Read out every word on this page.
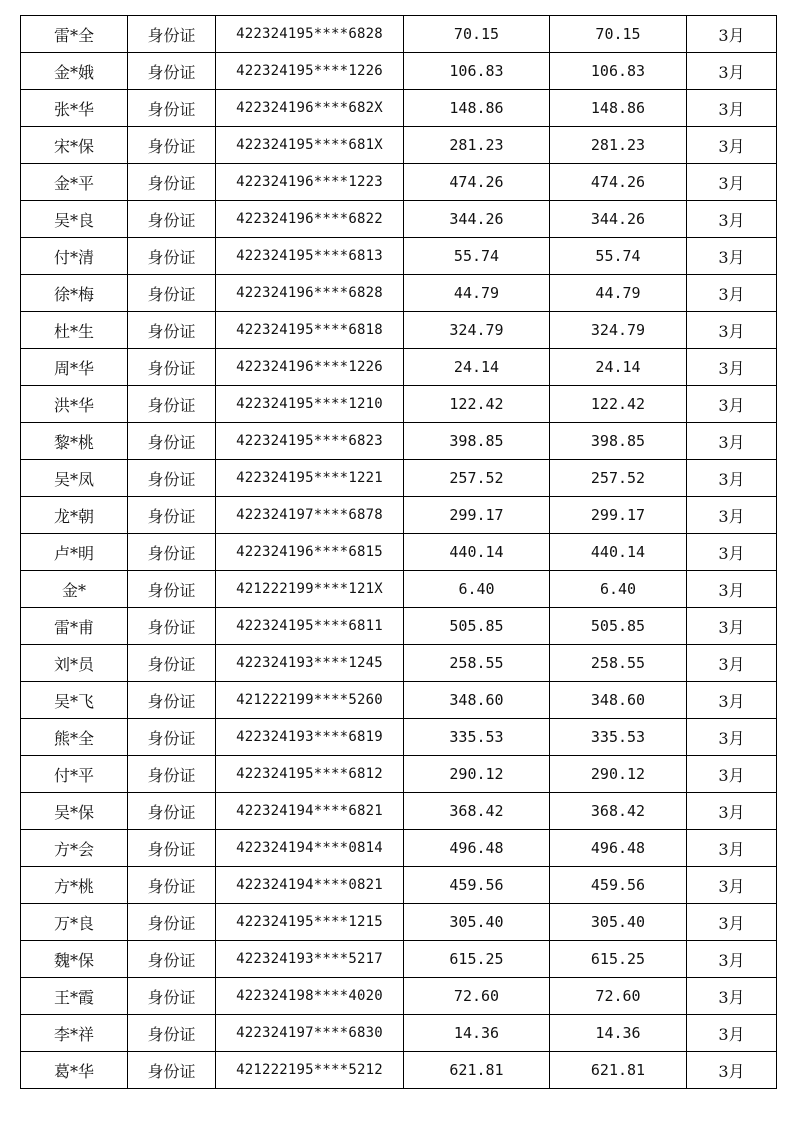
雷*全	身份证	422324195****6828	70.15	70.15	3月
金*娥	身份证	422324195****1226	106.83	106.83	3月
张*华	身份证	422324196****682X	148.86	148.86	3月
宋*保	身份证	422324195****681X	281.23	281.23	3月
金*平	身份证	422324196****1223	474.26	474.26	3月
吴*良	身份证	422324196****6822	344.26	344.26	3月
付*清	身份证	422324195****6813	55.74	55.74	3月
徐*梅	身份证	422324196****6828	44.79	44.79	3月
杜*生	身份证	422324195****6818	324.79	324.79	3月
周*华	身份证	422324196****1226	24.14	24.14	3月
洪*华	身份证	422324195****1210	122.42	122.42	3月
黎*桃	身份证	422324195****6823	398.85	398.85	3月
吴*凤	身份证	422324195****1221	257.52	257.52	3月
龙*朝	身份证	422324197****6878	299.17	299.17	3月
卢*明	身份证	422324196****6815	440.14	440.14	3月
金*	身份证	421222199****121X	6.40	6.40	3月
雷*甫	身份证	422324195****6811	505.85	505.85	3月
刘*员	身份证	422324193****1245	258.55	258.55	3月
吴*飞	身份证	421222199****5260	348.60	348.60	3月
熊*全	身份证	422324193****6819	335.53	335.53	3月
付*平	身份证	422324195****6812	290.12	290.12	3月
吴*保	身份证	422324194****6821	368.42	368.42	3月
方*会	身份证	422324194****0814	496.48	496.48	3月
方*桃	身份证	422324194****0821	459.56	459.56	3月
万*良	身份证	422324195****1215	305.40	305.40	3月
魏*保	身份证	422324193****5217	615.25	615.25	3月
王*霞	身份证	422324198****4020	72.60	72.60	3月
李*祥	身份证	422324197****6830	14.36	14.36	3月
葛*华	身份证	421222195****5212	621.81	621.81	3月
